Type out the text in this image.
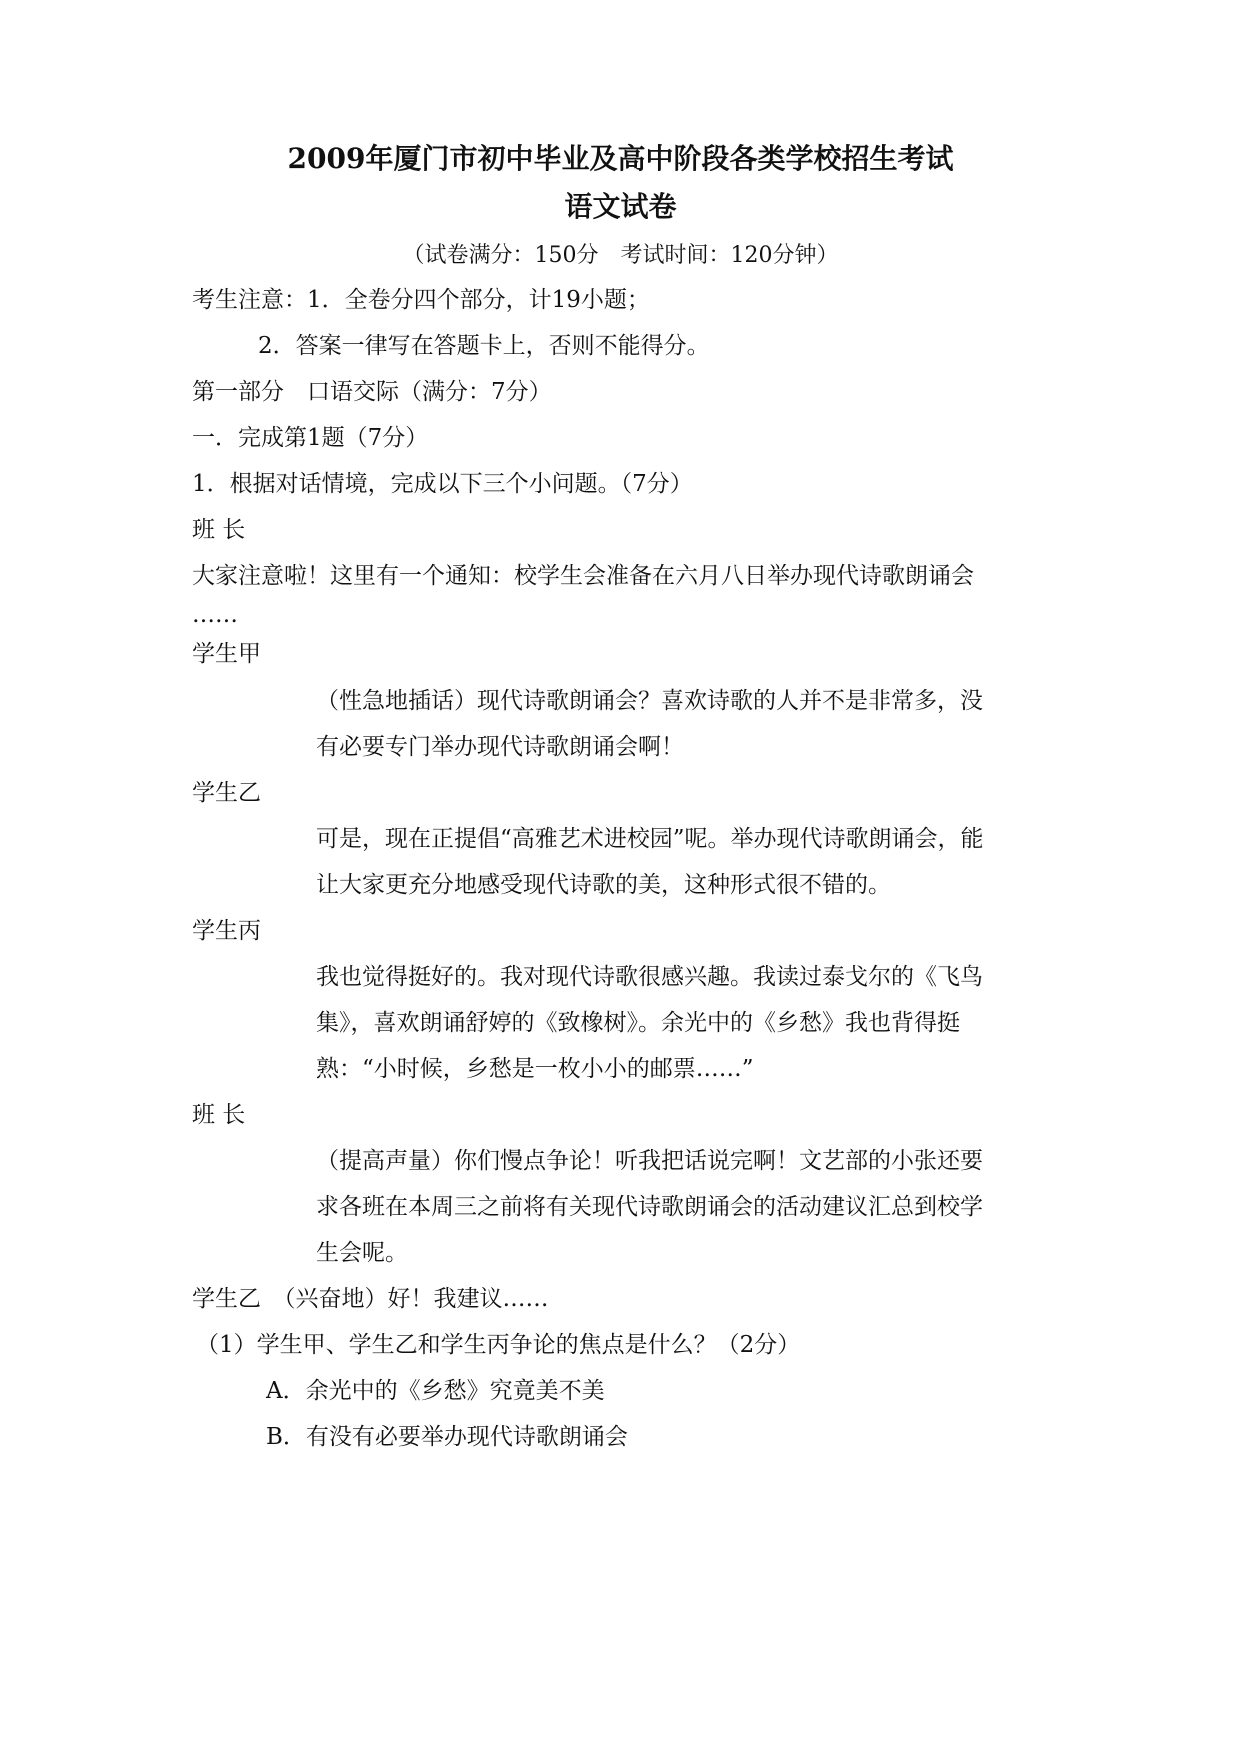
2009年厦门市初中毕业及高中阶段各类学校招生考试
语文试卷
（试卷满分：150分　考试时间：120分钟）
考生注意：1．全卷分四个部分，计19小题；
2．答案一律写在答题卡上，否则不能得分。
第一部分　口语交际（满分：7分）
一．完成第1题（7分）
1．根据对话情境，完成以下三个小问题。（7分）
班 长
大家注意啦！这里有一个通知：校学生会准备在六月八日举办现代诗歌朗诵会
……
学生甲
（性急地插话）现代诗歌朗诵会？喜欢诗歌的人并不是非常多，没
有必要专门举办现代诗歌朗诵会啊！
学生乙
可是，现在正提倡“高雅艺术进校园”呢。举办现代诗歌朗诵会，能
让大家更充分地感受现代诗歌的美，这种形式很不错的。
学生丙
我也觉得挺好的。我对现代诗歌很感兴趣。我读过泰戈尔的《飞鸟
集》，喜欢朗诵舒婷的《致橡树》。余光中的《乡愁》我也背得挺
熟：“小时候，乡愁是一枚小小的邮票……”
班 长
（提高声量）你们慢点争论！听我把话说完啊！文艺部的小张还要
求各班在本周三之前将有关现代诗歌朗诵会的活动建议汇总到校学
生会呢。
学生乙　（兴奋地）好！我建议……
（1）学生甲、学生乙和学生丙争论的焦点是什么？（2分）
A．余光中的《乡愁》究竟美不美
B．有没有必要举办现代诗歌朗诵会
